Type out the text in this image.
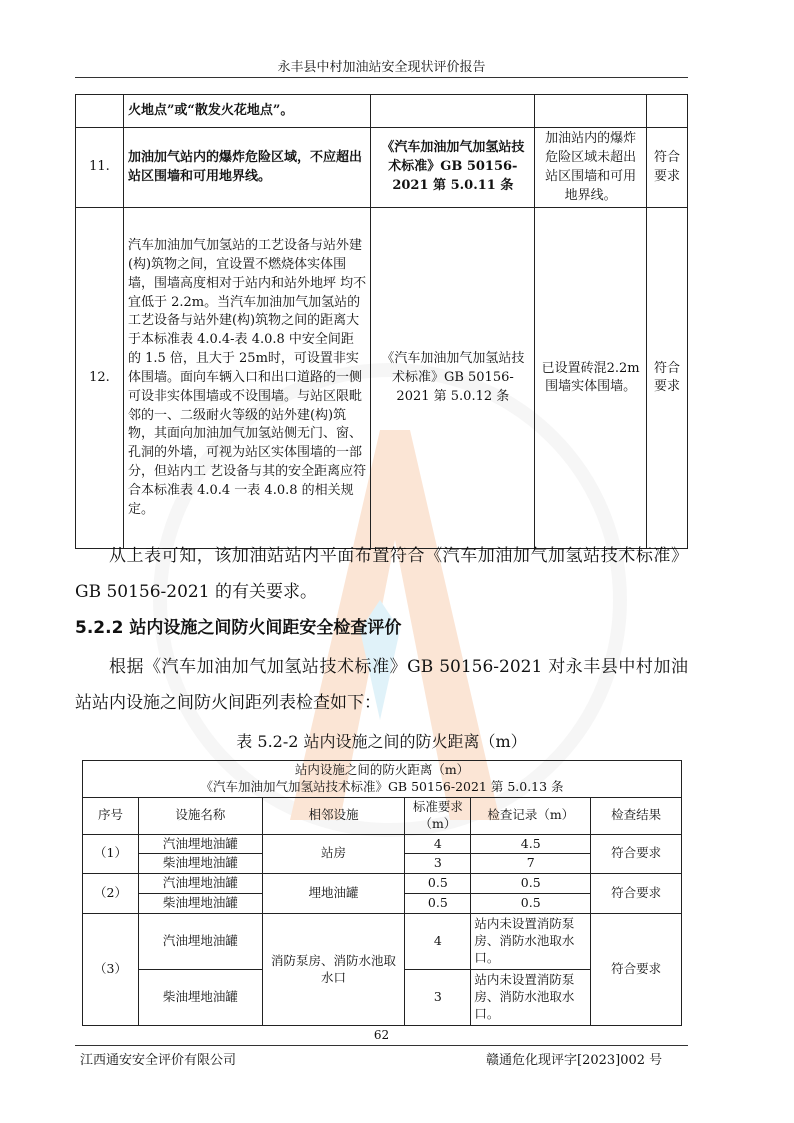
永丰县中村加油站安全现状评价报告
	火地点”或“散发火花地点”。			
11.	加油加气站内的爆炸危险区域，不应超出站区围墙和可用地界线。	《汽车加油加气加氢站技术标准》GB 50156-2021 第 5.0.11 条	加油站内的爆炸危险区域未超出站区围墙和可用地界线。	符合要求
12.	汽车加油加气加氢站的工艺设备与站外建(构)筑物之间，宜设置不燃烧体实体围墙，围墙高度相对于站内和站外地坪 均不宜低于 2.2m。当汽车加油加气加氢站的工艺设备与站外建(构)筑物之间的距离大于本标准表 4.0.4-表 4.0.8 中安全间距的 1.5 倍，且大于 25m时，可设置非实体围墙。面向车辆入口和出口道路的一侧可设非实体围墙或不设围墙。与站区限毗邻的一、二级耐火等级的站外建(构)筑物，其面向加油加气加氢站侧无门、窗、孔洞的外墙，可视为站区实体围墙的一部分，但站内工 艺设备与其的安全距离应符合本标准表 4.0.4 一表 4.0.8 的相关规定。	《汽车加油加气加氢站技术标准》GB 50156-2021 第 5.0.12 条	已设置砖混2.2m 围墙实体围墙。	符合要求
从上表可知，该加油站站内平面布置符合《汽车加油加气加氢站技术标准》GB 50156-2021 的有关要求。
5.2.2 站内设施之间防火间距安全检查评价
根据《汽车加油加气加氢站技术标准》GB 50156-2021 对永丰县中村加油站站内设施之间防火间距列表检查如下：
表 5.2-2 站内设施之间的防火距离（m）
站内设施之间的防火距离（m）
《汽车加油加气加氢站技术标准》GB 50156-2021 第 5.0.13 条					

序号	设施名称	相邻设施	标准要求（m）	检查记录（m）	检查结果
（1）	汽油埋地油罐	站房	4	4.5	符合要求
	柴油埋地油罐		3	7	
（2）	汽油埋地油罐	埋地油罐	0.5	0.5	符合要求
	柴油埋地油罐		0.5	0.5	
（3）	汽油埋地油罐	消防泵房、消防水池取水口	4	站内未设置消防泵房、消防水池取水口。	符合要求
	柴油埋地油罐		3	站内未设置消防泵房、消防水池取水口。	
62
江西通安安全评价有限公司	赣通危化现评字[2023]002 号
